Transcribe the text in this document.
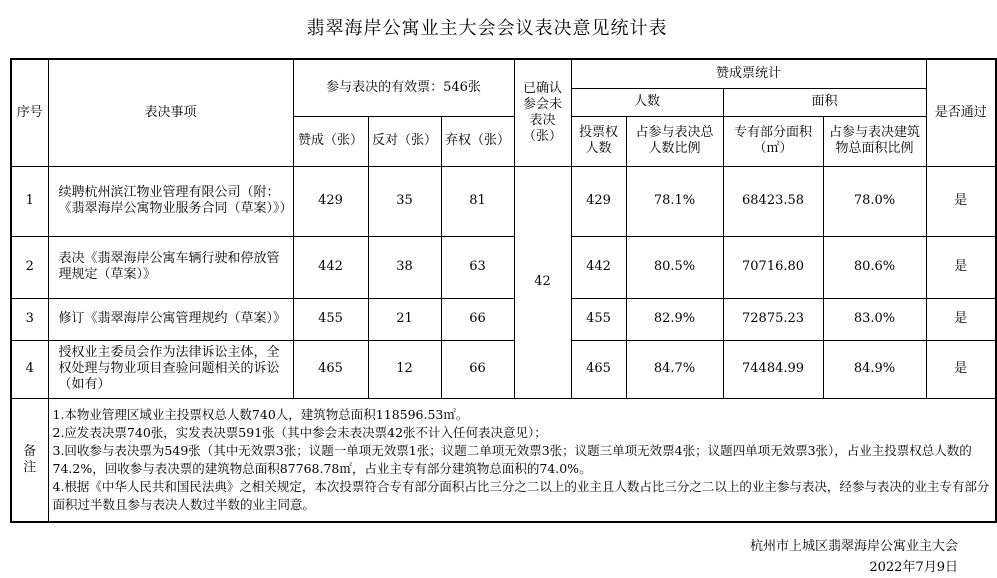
翡翠海岸公寓业主大会会议表决意见统计表
序号	表决事项	参与表决的有效票：546张			已确认参会未表决（张）	赞成票统计				是否通过
						人数		面积		
		赞成（张）	反对（张）	弃权（张）		投票权人数	占参与表决总人数比例	专有部分面积（㎡）	占参与表决建筑物总面积比例	
1	续聘杭州滨江物业管理有限公司（附：《翡翠海岸公寓物业服务合同（草案）》）	429	35	81	42	429	78.1%	68423.58	78.0%	是
2	表决《翡翠海岸公寓车辆行驶和停放管理规定（草案）》	442	38	63		442	80.5%	70716.80	80.6%	是
3	修订《翡翠海岸公寓管理规约（草案）》	455	21	66		455	82.9%	72875.23	83.0%	是
4	授权业主委员会作为法律诉讼主体，全权处理与物业项目查验问题相关的诉讼（如有）	465	12	66		465	84.7%	74484.99	84.9%	是
备注	1.本物业管理区域业主投票权总人数740人，建筑物总面积118596.53㎡。
2.应发表决票740张，实发表决票591张（其中参会未表决票42张不计入任何表决意见）；
3.回收参与表决票为549张（其中无效票3张；议题一单项无效票1张；议题二单项无效票3张；议题三单项无效票4张；议题四单项无效票3张），占业主投票权总人数的74.2%，回收参与表决票的建筑物总面积87768.78㎡，占业主专有部分建筑物总面积的74.0%。
4.根据《中华人民共和国民法典》之相关规定，本次投票符合专有部分面积占比三分之二以上的业主且人数占比三分之二以上的业主参与表决，经参与表决的业主专有部分面积过半数且参与表决人数过半数的业主同意。									
杭州市上城区翡翠海岸公寓业主大会
2022年7月9日
